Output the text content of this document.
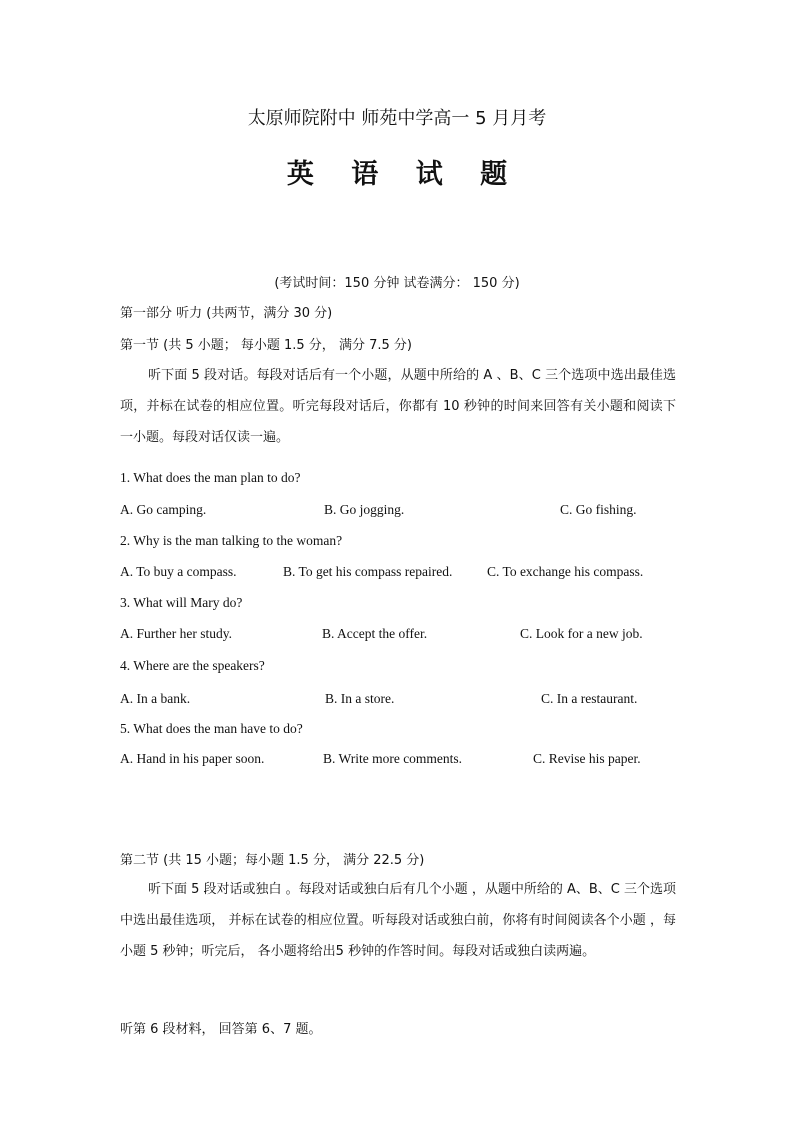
太原师院附中 师苑中学高一 5 月月考
英 语 试 题
(考试时间：150 分钟 试卷满分： 150 分)
第一部分 听力 (共两节，满分 30 分)
第一节 (共 5 小题； 每小题 1.5 分， 满分 7.5 分)
听下面 5 段对话。每段对话后有一个小题，从题中所给的 A 、B、C 三个选项中选出最佳选项，并标在试卷的相应位置。听完每段对话后，你都有 10 秒钟的时间来回答有关小题和阅读下一小题。每段对话仅读一遍。
1. What does the man plan to do?
A. Go camping.	B. Go jogging.	C. Go fishing.
2. Why is the man talking to the woman?
A. To buy a compass.	B. To get his compass repaired.	C. To exchange his compass.
3. What will Mary do?
A. Further her study.	B. Accept the offer.	C. Look for a new job.
4. Where are the speakers?
A. In a bank.	B. In a store.	C. In a restaurant.
5. What does the man have to do?
A. Hand in his paper soon.	B. Write more comments.	C. Revise his paper.
第二节 (共 15 小题；每小题 1.5 分， 满分 22.5 分)
听下面 5 段对话或独白 。每段对话或独白后有几个小题 ，从题中所给的 A、B、C 三个选项中选出最佳选项， 并标在试卷的相应位置。听每段对话或独白前，你将有时间阅读各个小题 ，每小题 5 秒钟；听完后， 各小题将给出5 秒钟的作答时间。每段对话或独白读两遍。
听第 6 段材料， 回答第 6、7 题。
